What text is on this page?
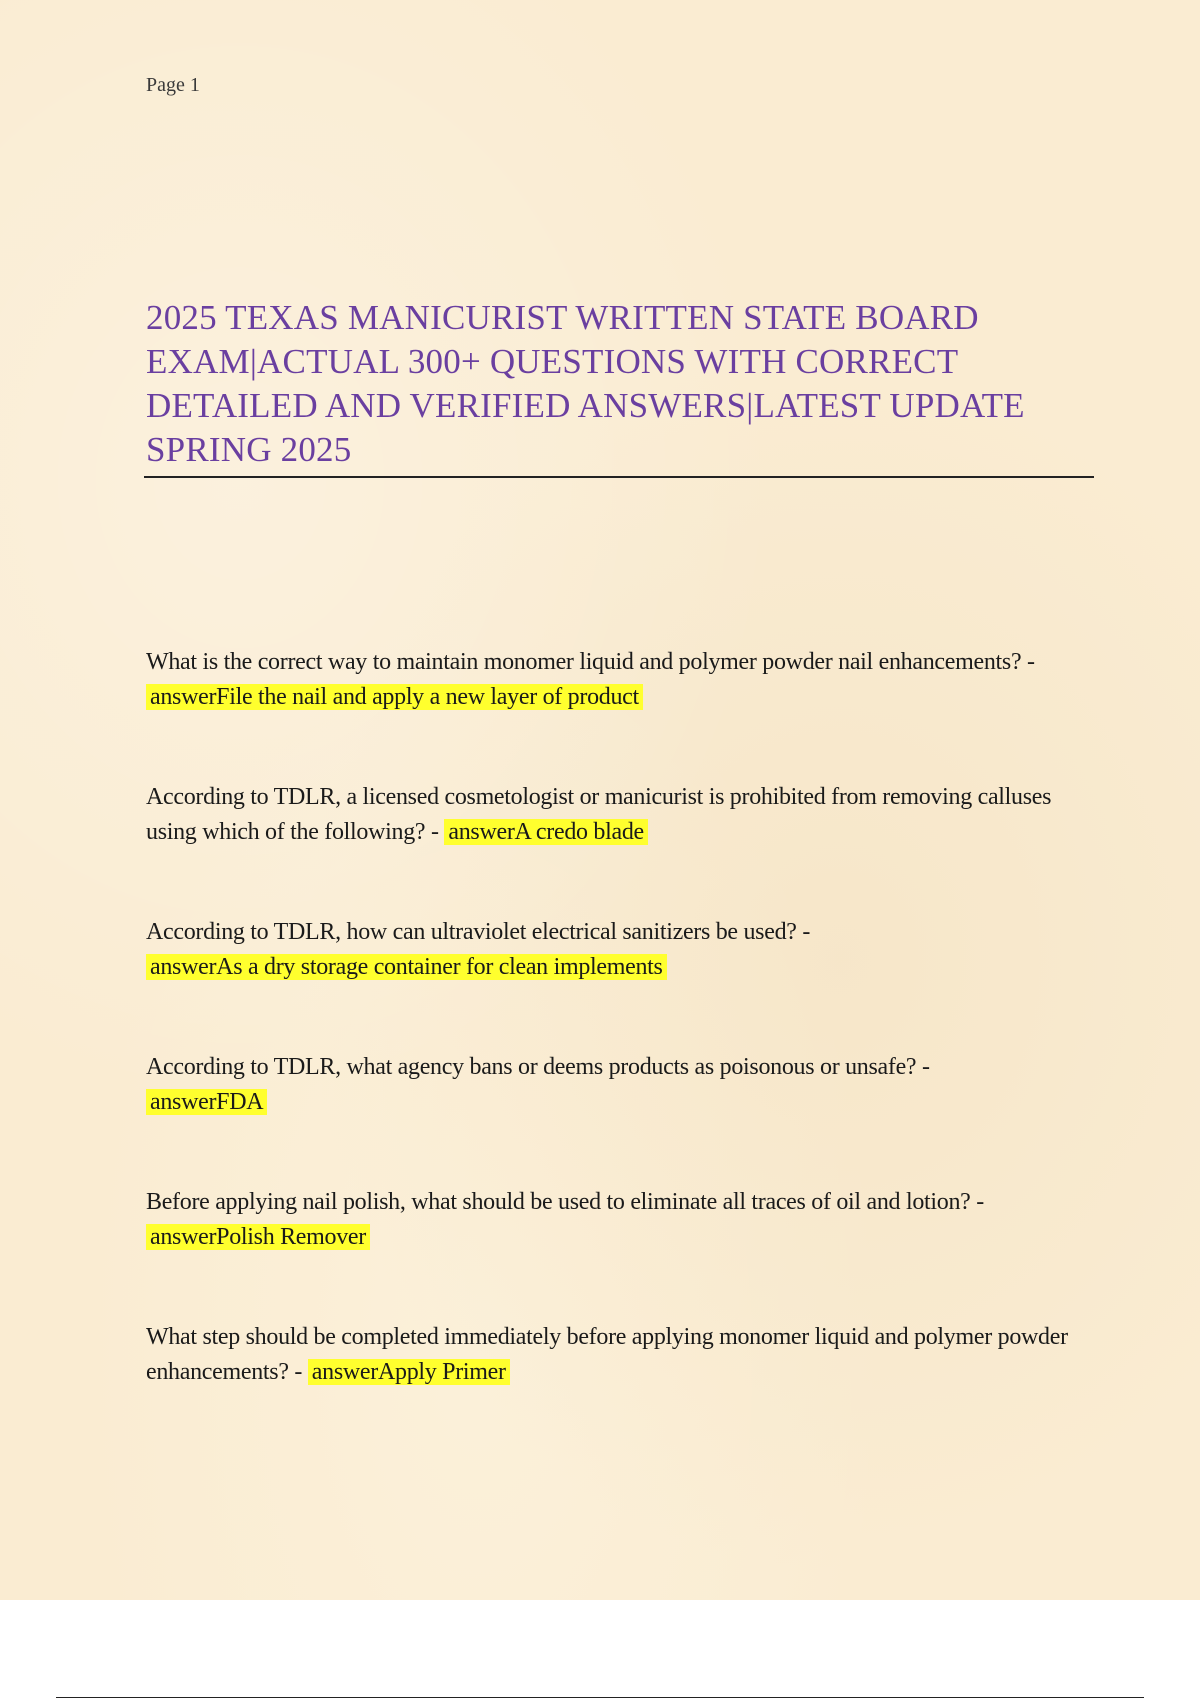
Page 1
2025 TEXAS MANICURIST WRITTEN STATE BOARD EXAM|ACTUAL 300+ QUESTIONS WITH CORRECT DETAILED AND VERIFIED ANSWERS|LATEST UPDATE SPRING 2025
What is the correct way to maintain monomer liquid and polymer powder nail enhancements? - answerFile the nail and apply a new layer of product
According to TDLR, a licensed cosmetologist or manicurist is prohibited from removing calluses using which of the following? - answerA credo blade
According to TDLR, how can ultraviolet electrical sanitizers be used? -
answerAs a dry storage container for clean implements
According to TDLR, what agency bans or deems products as poisonous or unsafe? -
answerFDA
Before applying nail polish, what should be used to eliminate all traces of oil and lotion? -
answerPolish Remover
What step should be completed immediately before applying monomer liquid and polymer powder enhancements? - answerApply Primer
